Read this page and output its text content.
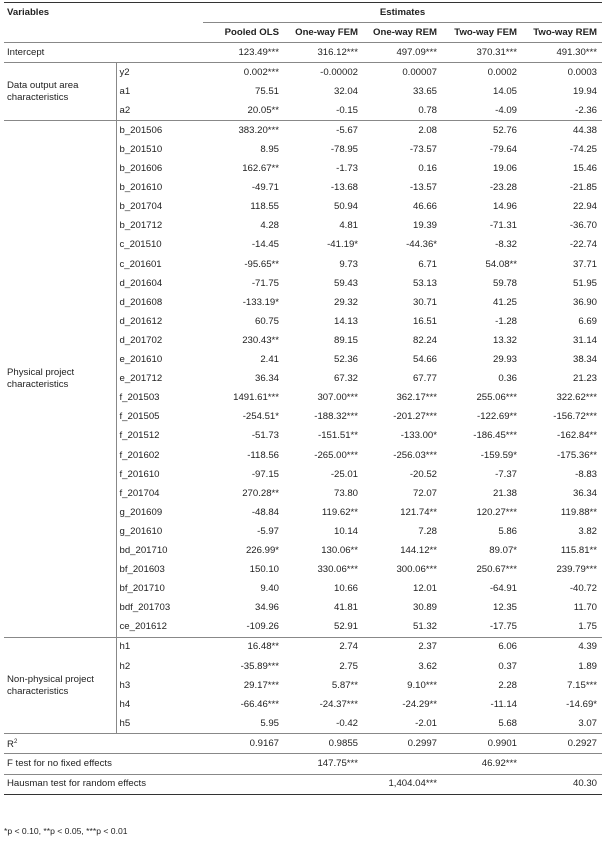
Variables		Estimates				
		Pooled OLS	One-way FEM	One-way REM	Two-way FEM	Two-way REM
Intercept		123.49***	316.12***	497.09***	370.31***	491.30***
Data output area characteristics	y2	0.002***	-0.00002	0.00007	0.0002	0.0003
	a1	75.51	32.04	33.65	14.05	19.94
	a2	20.05**	-0.15	0.78	-4.09	-2.36
Physical project characteristics	b_201506	383.20***	-5.67	2.08	52.76	44.38
	b_201510	8.95	-78.95	-73.57	-79.64	-74.25
	b_201606	162.67**	-1.73	0.16	19.06	15.46
	b_201610	-49.71	-13.68	-13.57	-23.28	-21.85
	b_201704	118.55	50.94	46.66	14.96	22.94
	b_201712	4.28	4.81	19.39	-71.31	-36.70
	c_201510	-14.45	-41.19*	-44.36*	-8.32	-22.74
	c_201601	-95.65**	9.73	6.71	54.08**	37.71
	d_201604	-71.75	59.43	53.13	59.78	51.95
	d_201608	-133.19*	29.32	30.71	41.25	36.90
	d_201612	60.75	14.13	16.51	-1.28	6.69
	d_201702	230.43**	89.15	82.24	13.32	31.14
	e_201610	2.41	52.36	54.66	29.93	38.34
	e_201712	36.34	67.32	67.77	0.36	21.23
	f_201503	1491.61***	307.00***	362.17***	255.06***	322.62***
	f_201505	-254.51*	-188.32***	-201.27***	-122.69**	-156.72***
	f_201512	-51.73	-151.51**	-133.00*	-186.45***	-162.84**
	f_201602	-118.56	-265.00***	-256.03***	-159.59*	-175.36**
	f_201610	-97.15	-25.01	-20.52	-7.37	-8.83
	f_201704	270.28**	73.80	72.07	21.38	36.34
	g_201609	-48.84	119.62**	121.74**	120.27***	119.88**
	g_201610	-5.97	10.14	7.28	5.86	3.82
	bd_201710	226.99*	130.06**	144.12**	89.07*	115.81**
	bf_201603	150.10	330.06***	300.06***	250.67***	239.79***
	bf_201710	9.40	10.66	12.01	-64.91	-40.72
	bdf_201703	34.96	41.81	30.89	12.35	11.70
	ce_201612	-109.26	52.91	51.32	-17.75	1.75
Non-physical project characteristics	h1	16.48**	2.74	2.37	6.06	4.39
	h2	-35.89***	2.75	3.62	0.37	1.89
	h3	29.17***	5.87**	9.10***	2.28	7.15***
	h4	-66.46***	-24.37***	-24.29**	-11.14	-14.69*
	h5	5.95	-0.42	-2.01	5.68	3.07
$R^2$		0.9167	0.9855	0.2997	0.9901	0.2927
F test for no fixed effects			147.75***		46.92***	
Hausman test for random effects				1,404.04***		40.30
*p < 0.10, **p < 0.05, ***p < 0.01
